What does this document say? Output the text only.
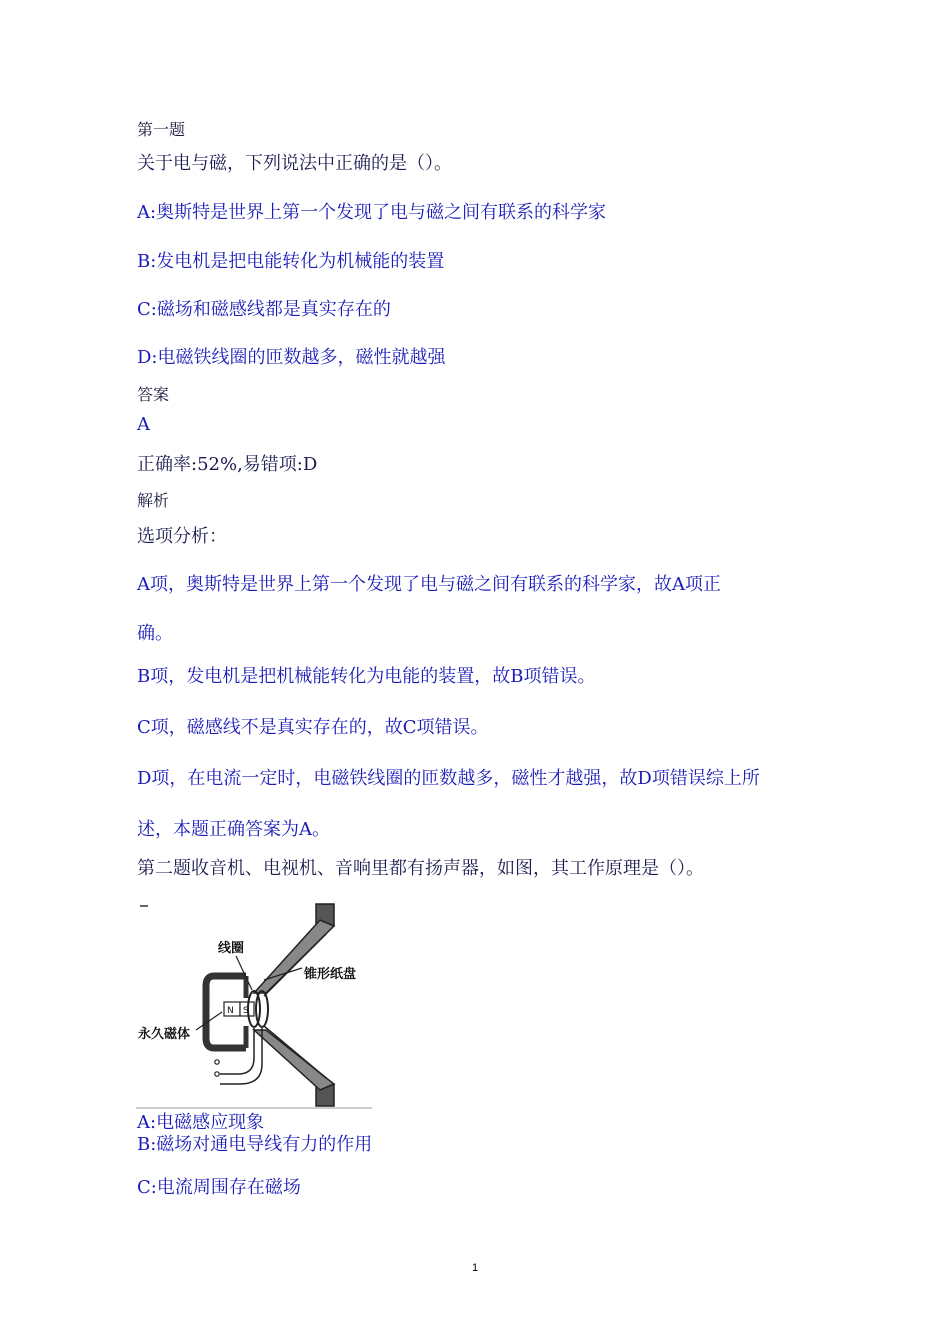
第一题
关于电与磁，下列说法中正确的是（）。
A:奥斯特是世界上第一个发现了电与磁之间有联系的科学家
B:发电机是把电能转化为机械能的装置
C:磁场和磁感线都是真实存在的
D:电磁铁线圈的匝数越多，磁性就越强
答案
A
正确率:52%,易错项:D
解析
选项分析：
A项，奥斯特是世界上第一个发现了电与磁之间有联系的科学家，故A项正
确。
B项，发电机是把机械能转化为电能的装置，故B项错误。
C项，磁感线不是真实存在的，故C项错误。
D项，在电流一定时，电磁铁线圈的匝数越多，磁性才越强，故D项错误综上所
述，本题正确答案为A。
第二题收音机、电视机、音响里都有扬声器，如图，其工作原理是（）。
N S
线圈
锥形纸盘
永久磁体
A:电磁感应现象
B:磁场对通电导线有力的作用
C:电流周围存在磁场
1
